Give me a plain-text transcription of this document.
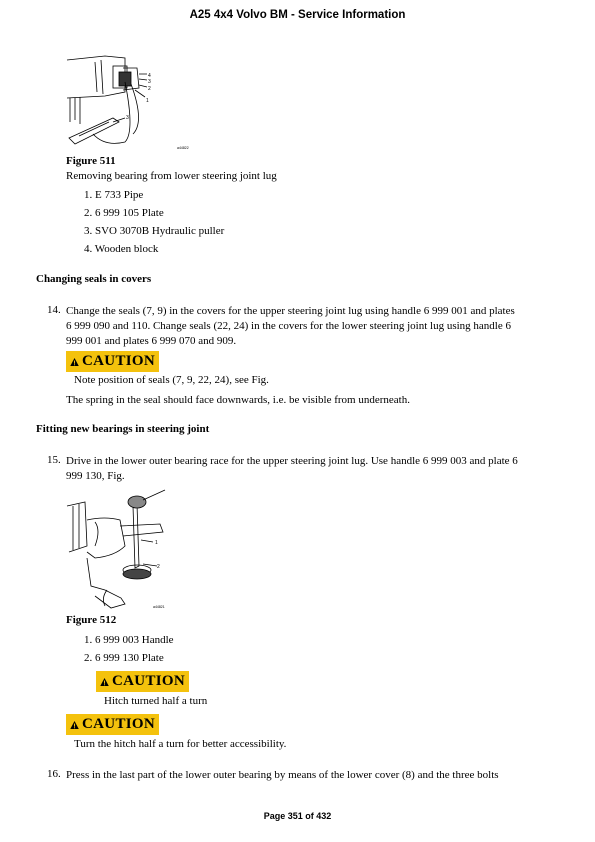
A25 4x4 Volvo BM - Service Information
4
3
2
1
3
a44822
Figure 511
Removing bearing from lower steering joint lug
1. E 733 Pipe
2. 6 999 105 Plate
3. SVO 3070B Hydraulic puller
4. Wooden block
Changing seals in covers
14. Change the seals (7, 9) in the covers for the upper steering joint lug using handle 6 999 001 and plates
6 999 090 and 110. Change seals (22, 24) in the covers for the lower steering joint lug using handle 6
999 001 and plates 6 999 070 and 909.
CAUTION
Note position of seals (7, 9, 22, 24), see Fig.
The spring in the seal should face downwards, i.e. be visible from underneath.
Fitting new bearings in steering joint
15. Drive in the lower outer bearing race for the upper steering joint lug. Use handle 6 999 003 and plate 6
999 130, Fig.
1
2
a44821
Figure 512
1. 6 999 003 Handle
2. 6 999 130 Plate
CAUTION
Hitch turned half a turn
CAUTION
Turn the hitch half a turn for better accessibility.
16. Press in the last part of the lower outer bearing by means of the lower cover (8) and the three bolts
Page 351 of 432
